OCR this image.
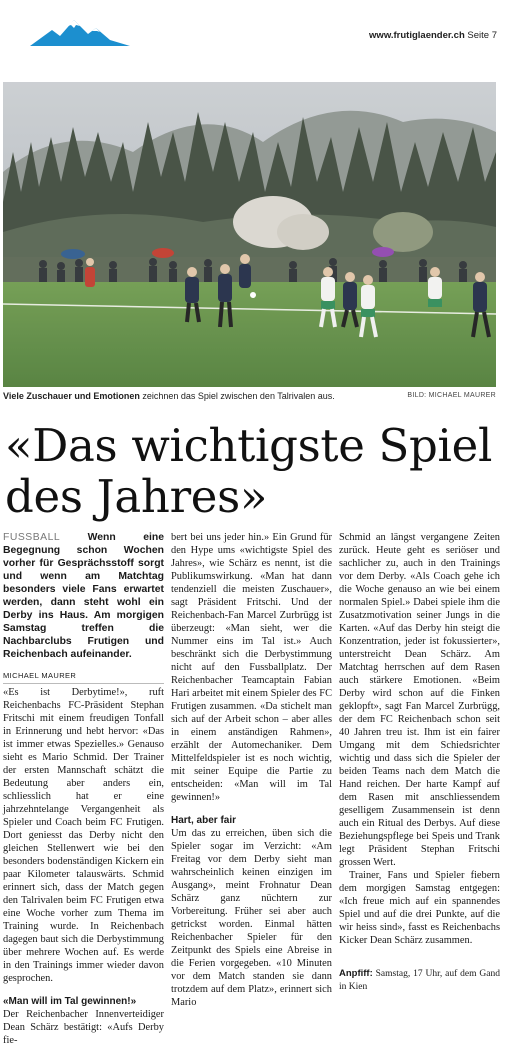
www.frutiglaender.ch Seite 7
Viele Zuschauer und Emotionen zeichnen das Spiel zwischen den Talrivalen aus.	BILD: MICHAEL MAURER
«Das wichtigste Spiel
des Jahres»

FUSSBALL Wenn eine Begegnung schon Wochen vorher für Gesprächsstoff sorgt und wenn am Matchtag besonders viele Fans erwartet werden, dann steht wohl ein Derby ins Haus. Am morgigen Samstag treffen die Nachbarclubs Frutigen und Reichenbach aufeinander.

MICHAEL MAURER

«Es ist Derbytime!», ruft Reichenbachs FC-Präsident Stephan Fritschi mit einem freudigen Tonfall in Erinnerung und hebt hervor: «Das ist immer etwas Spezielles.» Genauso sieht es Mario Schmid. Der Trainer der ersten Mannschaft schätzt die Bedeutung aber anders ein, schliesslich hat er eine jahrzehntelange Vergangenheit als Spieler und Coach beim FC Frutigen. Dort geniesst das Derby nicht den gleichen Stellenwert wie bei den besonders bodenständigen Kickern ein paar Kilometer talauswärts. Schmid erinnert sich, dass der Match gegen den Talrivalen beim FC Frutigen etwa eine Woche vorher zum Thema im Training wurde. In Reichenbach dagegen baut sich die Derbystimmung über mehrere Wochen auf. Es werde in den Trainings immer wieder davon gesprochen.

«Man will im Tal gewinnen!»

Der Reichenbacher Innenverteidiger Dean Schärz bestätigt: «Aufs Derby fie-

bert bei uns jeder hin.» Ein Grund für den Hype ums «wichtigste Spiel des Jahres», wie Schärz es nennt, ist die Publikumswirkung. «Man hat dann tendenziell die meisten Zuschauer», sagt Präsident Fritschi. Und der Reichenbach-Fan Marcel Zurbrügg ist überzeugt: «Man sieht, wer die Nummer eins im Tal ist.» Auch beschränkt sich die Derbystimmung nicht auf den Fussballplatz. Der Reichenbacher Teamcaptain Fabian Hari arbeitet mit einem Spieler des FC Frutigen zusammen. «Da stichelt man sich auf der Arbeit schon – aber alles in einem anständigen Rahmen», erzählt der Automechaniker. Dem Mittelfeldspieler ist es noch wichtig, mit seiner Equipe die Partie zu entscheiden: «Man will im Tal gewinnen!»

Hart, aber fair

Um das zu erreichen, üben sich die Spieler sogar im Verzicht: «Am Freitag vor dem Derby sieht man wahrscheinlich keinen einzigen im Ausgang», meint Frohnatur Dean Schärz ganz nüchtern zur Vorbereitung. Früher sei aber auch getrickst worden. Einmal hätten Reichenbacher Spieler für den Zeitpunkt des Spiels eine Abreise in die Ferien vorgegeben. «10 Minuten vor dem Match standen sie dann trotzdem auf dem Platz», erinnert sich Mario

Schmid an längst vergangene Zeiten zurück. Heute geht es seriöser und sachlicher zu, auch in den Trainings vor dem Derby. «Als Coach gehe ich die Woche genauso an wie bei einem normalen Spiel.» Dabei spiele ihm die Zusatzmotivation seiner Jungs in die Karten. «Auf das Derby hin steigt die Konzentration, jeder ist fokussierter», unterstreicht Dean Schärz. Am Matchtag herrschen auf dem Rasen auch stärkere Emotionen. «Beim Derby wird schon auf die Finken geklopft», sagt Fan Marcel Zurbrügg, der dem FC Reichenbach schon seit 40 Jahren treu ist. Ihm ist ein fairer Umgang mit dem Schiedsrichter wichtig und dass sich die Spieler der beiden Teams nach dem Match die Hand reichen. Der harte Kampf auf dem Rasen mit anschliessendem geselligem Zusammensein ist denn auch ein Ritual des Derbys. Auf diese Beziehungspflege bei Speis und Trank legt Präsident Stephan Fritschi grossen Wert.

Trainer, Fans und Spieler fiebern dem morgigen Samstag entgegen: «Ich freue mich auf ein spannendes Spiel und auf die drei Punkte, auf die wir heiss sind», fasst es Reichenbachs Kicker Dean Schärz zusammen.

Anpfiff: Samstag, 17 Uhr, auf dem Gand in Kien
